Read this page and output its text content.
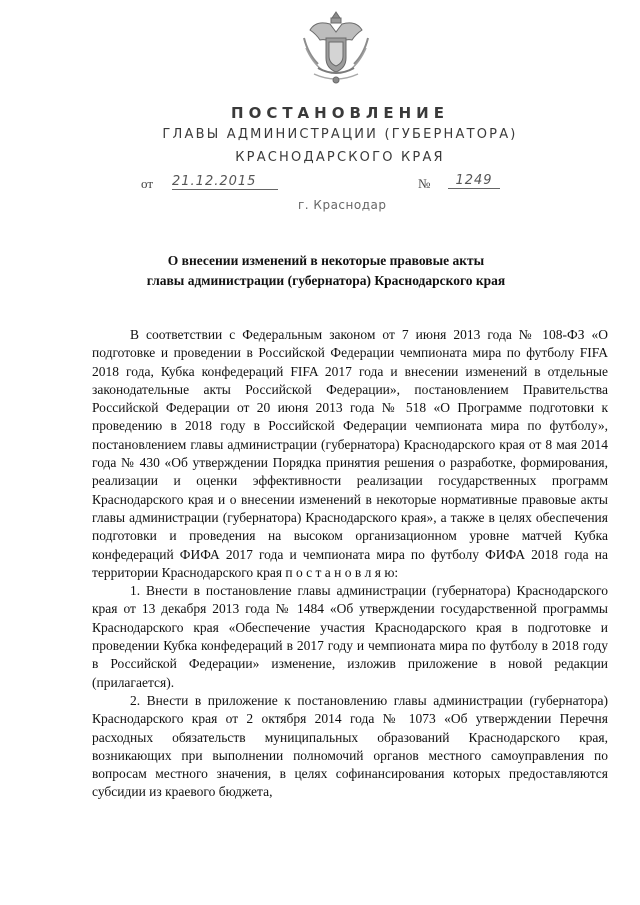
ПОСТАНОВЛЕНИЕ
ГЛАВЫ АДМИНИСТРАЦИИ (ГУБЕРНАТОРА)
КРАСНОДАРСКОГО КРАЯ
от 21.12.2015	№	1249
г. Краснодар
О внесении изменений в некоторые правовые акты
главы администрации (губернатора) Краснодарского края

В соответствии с Федеральным законом от 7 июня 2013 года № 108-ФЗ «О подготовке и проведении в Российской Федерации чемпионата мира по футболу FIFA 2018 года, Кубка конфедераций FIFA 2017 года и внесении изменений в отдельные законодательные акты Российской Федерации», постановлением Правительства Российской Федерации от 20 июня 2013 года № 518 «О Программе подготовки к проведению в 2018 году в Российской Федерации чемпионата мира по футболу», постановлением главы администрации (губернатора) Краснодарского края от 8 мая 2014 года № 430 «Об утверждении Порядка принятия решения о разработке, формирования, реализации и оценки эффективности реализации государственных программ Краснодарского края и о внесении изменений в некоторые нормативные правовые акты главы администрации (губернатора) Краснодарского края», а также в целях обеспечения подготовки и проведения на высоком организационном уровне матчей Кубка конфедераций ФИФА 2017 года и чемпионата мира по футболу ФИФА 2018 года на территории Краснодарского края п о с т а н о в л я ю:

1. Внести в постановление главы администрации (губернатора) Краснодарского края от 13 декабря 2013 года № 1484 «Об утверждении государственной программы Краснодарского края «Обеспечение участия Краснодарского края в подготовке и проведении Кубка конфедераций в 2017 году и чемпионата мира по футболу в 2018 году в Российской Федерации» изменение, изложив приложение в новой редакции (прилагается).

2. Внести в приложение к постановлению главы администрации (губернатора) Краснодарского края от 2 октября 2014 года № 1073 «Об утверждении Перечня расходных обязательств муниципальных образований Краснодарского края, возникающих при выполнении полномочий органов местного самоуправления по вопросам местного значения, в целях софинансирования которых предоставляются субсидии из краевого бюджета,
